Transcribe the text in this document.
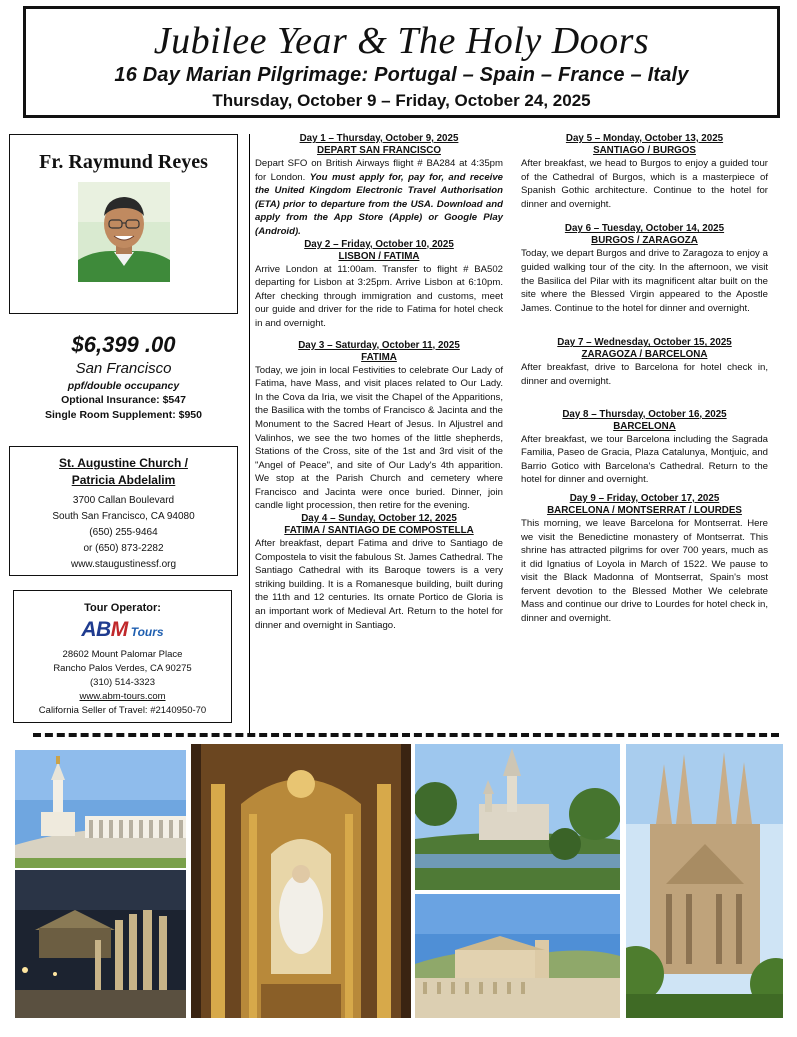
Jubilee Year & The Holy Doors
16 Day Marian Pilgrimage: Portugal – Spain – France – Italy
Thursday, October 9 – Friday, October 24, 2025
Fr. Raymund Reyes
$6,399 .00
San Francisco
ppf/double occupancy
Optional Insurance: $547
Single Room Supplement: $950
St. Augustine Church /
Patricia Abdelalim
3700 Callan Boulevard
South San Francisco, CA 94080
(650) 255-9464
or (650) 873-2282
www.staugustinessf.org
Tour Operator:
ABM Tours
28602 Mount Palomar Place
Rancho Palos Verdes, CA 90275
(310) 514-3323
www.abm-tours.com
California Seller of Travel: #2140950-70
Day 1 – Thursday, October 9, 2025
DEPART SAN FRANCISCO
Depart SFO on British Airways flight # BA284 at 4:35pm for London. You must apply for, pay for, and receive the United Kingdom Electronic Travel Authorisation (ETA) prior to departure from the USA. Download and apply from the App Store (Apple) or Google Play (Android).
Day 2 – Friday, October 10, 2025
LISBON / FATIMA
Arrive London at 11:00am. Transfer to flight # BA502 departing for Lisbon at 3:25pm. Arrive Lisbon at 6:10pm. After checking through immigration and customs, meet our guide and driver for the ride to Fatima for hotel check in and overnight.
Day 3 – Saturday, October 11, 2025
FATIMA
Today, we join in local Festivities to celebrate Our Lady of Fatima, have Mass, and visit places related to Our Lady. In the Cova da Iria, we visit the Chapel of the Apparitions, the Basilica with the tombs of Francisco & Jacinta and the Monument to the Sacred Heart of Jesus. In Aljustrel and Valinhos, we see the two homes of the little shepherds, Stations of the Cross, site of the 1st and 3rd visit of the "Angel of Peace", and site of Our Lady's 4th apparition. We stop at the Parish Church and cemetery where Francisco and Jacinta were once buried. Dinner, join candle light procession, then retire for the evening.
Day 4 – Sunday, October 12, 2025
FATIMA / SANTIAGO DE COMPOSTELLA
After breakfast, depart Fatima and drive to Santiago de Compostela to visit the fabulous St. James Cathedral. The Santiago Cathedral with its Baroque towers is a very striking building. It is a Romanesque building, built during the 11th and 12 centuries. Its ornate Portico de Gloria is an important work of Medieval Art. Return to the hotel for dinner and overnight in Santiago.
Day 5 – Monday, October 13, 2025
SANTIAGO / BURGOS
After breakfast, we head to Burgos to enjoy a guided tour of the Cathedral of Burgos, which is a masterpiece of Spanish Gothic architecture. Continue to the hotel for dinner and overnight.
Day 6 – Tuesday, October 14, 2025
BURGOS / ZARAGOZA
Today, we depart Burgos and drive to Zaragoza to enjoy a guided walking tour of the city. In the afternoon, we visit the Basilica del Pilar with its magnificent altar built on the site where the Blessed Virgin appeared to the Apostle James. Continue to the hotel for dinner and overnight.
Day 7 – Wednesday, October 15, 2025
ZARAGOZA / BARCELONA
After breakfast, drive to Barcelona for hotel check in, dinner and overnight.
Day 8 – Thursday, October 16, 2025
BARCELONA
After breakfast, we tour Barcelona including the Sagrada Familia, Paseo de Gracia, Plaza Catalunya, Montjuic, and Barrio Gotico with Barcelona's Cathedral. Return to the hotel for dinner and overnight.
Day 9 – Friday, October 17, 2025
BARCELONA / MONTSERRAT / LOURDES
This morning, we leave Barcelona for Montserrat. Here we visit the Benedictine monastery of Montserrat. This shrine has attracted pilgrims for over 700 years, much as it did Ignatius of Loyola in March of 1522. We pause to visit the Black Madonna of Montserrat, Spain's most fervent devotion to the Blessed Mother We celebrate Mass and continue our drive to Lourdes for hotel check in, dinner and overnight.
